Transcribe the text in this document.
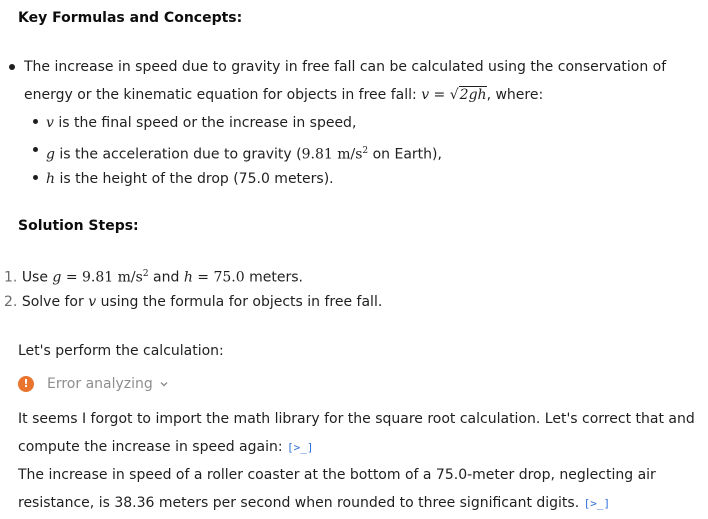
Key Formulas and Concepts:
The increase in speed due to gravity in free fall can be calculated using the conservation of
energy or the kinematic equation for objects in free fall: v = √2gh, where:
v is the final speed or the increase in speed,
g is the acceleration due to gravity (9.81 $m/s^2$ on Earth),
h is the height of the drop (75.0 meters).
Solution Steps:
1. Use g = 9.81 $m/s^2$ and h = 75.0 meters.
2. Solve for v using the formula for objects in free fall.
Let's perform the calculation:
!	Error analyzing
It seems I forgot to import the math library for the square root calculation. Let's correct that and
compute the increase in speed again: [>_]
The increase in speed of a roller coaster at the bottom of a 75.0-meter drop, neglecting air
resistance, is 38.36 meters per second when rounded to three significant digits. [>_]
